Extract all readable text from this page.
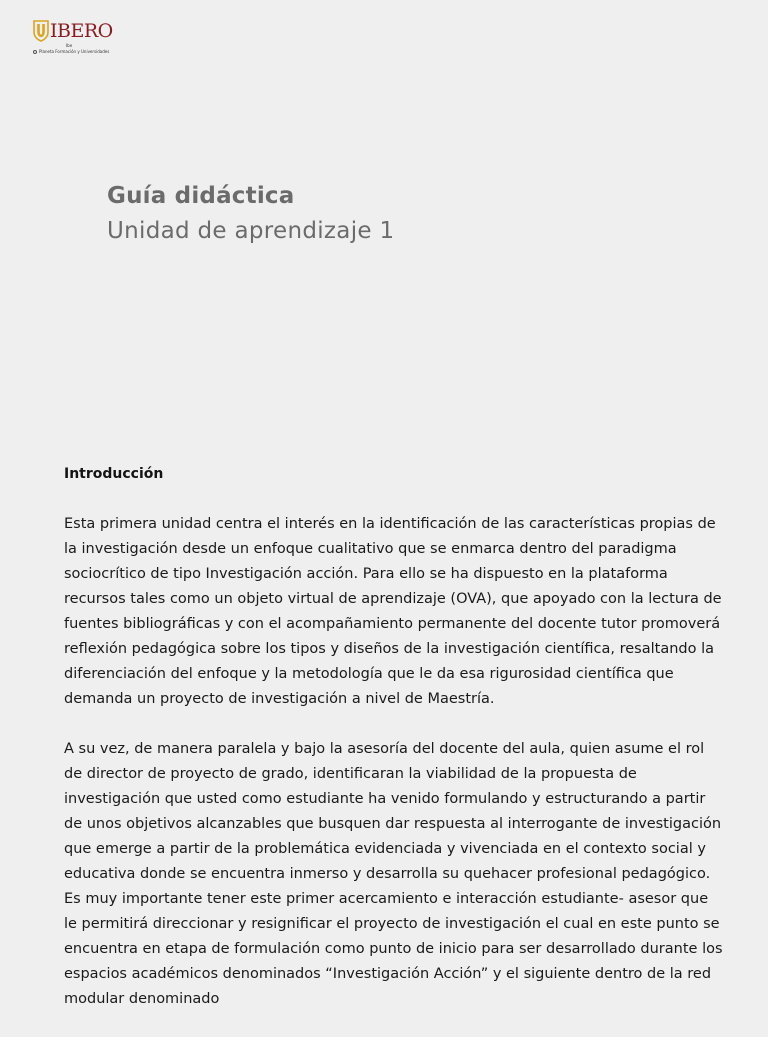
IBERO
Ibe
Planeta Formación y Universidades
Guía didáctica
Unidad de aprendizaje 1
Introducción

Esta primera unidad centra el interés en la identificación de las características propias de la investigación desde un enfoque cualitativo que se enmarca dentro del paradigma sociocrítico de tipo Investigación acción. Para ello se ha dispuesto en la plataforma recursos tales como un objeto virtual de aprendizaje (OVA), que apoyado con la lectura de fuentes bibliográficas y con el acompañamiento permanente del docente tutor promoverá reflexión pedagógica sobre los tipos y diseños de la investigación científica, resaltando la diferenciación del enfoque y la metodología que le da esa rigurosidad científica que demanda un proyecto de investigación a nivel de Maestría.

A su vez, de manera paralela y bajo la asesoría del docente del aula, quien asume el rol de director de proyecto de grado, identificaran la viabilidad de la propuesta de investigación que usted como estudiante ha venido formulando y estructurando a partir de unos objetivos alcanzables que busquen dar respuesta al interrogante de investigación que emerge a partir de la problemática evidenciada y vivenciada en el contexto social y educativa donde se encuentra inmerso y desarrolla su quehacer profesional pedagógico. Es muy importante tener este primer acercamiento e interacción estudiante- asesor que le permitirá direccionar y resignificar el proyecto de investigación el cual en este punto se encuentra en etapa de formulación como punto de inicio para ser desarrollado durante los espacios académicos denominados “Investigación Acción” y el siguiente dentro de la red modular denominado
